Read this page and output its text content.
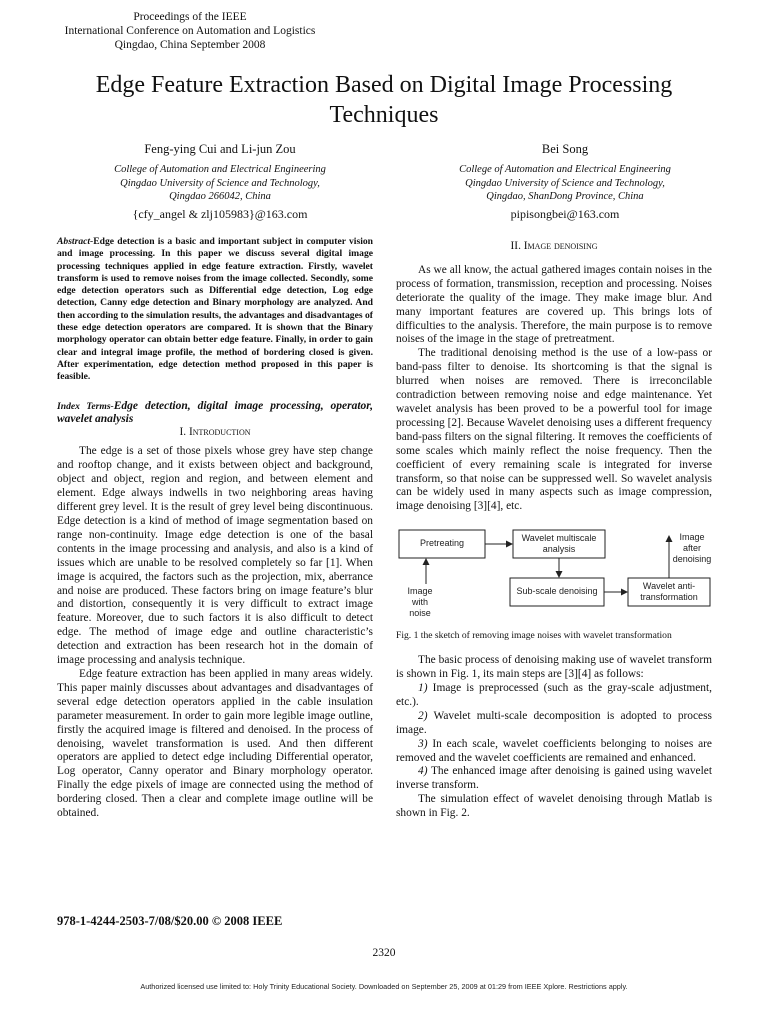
Proceedings of the IEEE
International Conference on Automation and Logistics
Qingdao, China September 2008
Edge Feature Extraction Based on Digital Image Processing Techniques
Feng-ying Cui and Li-jun Zou
College of Automation and Electrical Engineering
Qingdao University of Science and Technology,
Qingdao 266042, China
{cfy_angel & zlj105983}@163.com
Bei Song
College of Automation and Electrical Engineering
Qingdao University of Science and Technology,
Qingdao, ShanDong Province, China
pipisongbei@163.com

Abstract-Edge detection is a basic and important subject in computer vision and image processing. In this paper we discuss several digital image processing techniques applied in edge feature extraction. Firstly, wavelet transform is used to remove noises from the image collected. Secondly, some edge detection operators such as Differential edge detection, Log edge detection, Canny edge detection and Binary morphology are analyzed. And then according to the simulation results, the advantages and disadvantages of these edge detection operators are compared. It is shown that the Binary morphology operator can obtain better edge feature. Finally, in order to gain clear and integral image profile, the method of bordering closed is given. After experimentation, edge detection method proposed in this paper is feasible.

Index Terms-Edge detection, digital image processing, operator, wavelet analysis

I. Introduction

The edge is a set of those pixels whose grey have step change and rooftop change, and it exists between object and background, object and object, region and region, and between element and element. Edge always indwells in two neighboring areas having different grey level. It is the result of grey level being discontinuous. Edge detection is a kind of method of image segmentation based on range non-continuity. Image edge detection is one of the basal contents in the image processing and analysis, and also is a kind of issues which are unable to be resolved completely so far [1]. When image is acquired, the factors such as the projection, mix, aberrance and noise are produced. These factors bring on image feature’s blur and distortion, consequently it is very difficult to extract image feature. Moreover, due to such factors it is also difficult to detect edge. The method of image edge and outline characteristic’s detection and extraction has been research hot in the domain of image processing and analysis technique.

Edge feature extraction has been applied in many areas widely. This paper mainly discusses about advantages and disadvantages of several edge detection operators applied in the cable insulation parameter measurement. In order to gain more legible image outline, firstly the acquired image is filtered and denoised. In the process of denoising, wavelet transformation is used. And then different operators are applied to detect edge including Differential operator, Log operator, Canny operator and Binary morphology operator. Finally the edge pixels of image are connected using the method of bordering closed. Then a clear and complete image outline will be obtained.

II. Image denoising

As we all know, the actual gathered images contain noises in the process of formation, transmission, reception and processing. Noises deteriorate the quality of the image. They make image blur. And many important features are covered up. This brings lots of difficulties to the analysis. Therefore, the main purpose is to remove noises of the image in the stage of pretreatment.

The traditional denoising method is the use of a low-pass or band-pass filter to denoise. Its shortcoming is that the signal is blurred when noises are removed. There is irreconcilable contradiction between removing noise and edge maintenance. Yet wavelet analysis has been proved to be a powerful tool for image processing [2]. Because Wavelet denoising uses a different frequency band-pass filters on the signal filtering. It removes the coefficients of some scales which mainly reflect the noise frequency. Then the coefficient of every remaining scale is integrated for inverse transform, so that noise can be suppressed well. So wavelet analysis can be widely used in many aspects such as image compression, image denoising [3][4], etc.

Pretreating	Wavelet multiscale analysis
Sub-scale denoising	Wavelet anti-transformation
Image with noise
Image after denoising

Fig. 1 the sketch of removing image noises with wavelet transformation

The basic process of denoising making use of wavelet transform is shown in Fig. 1, its main steps are [3][4] as follows:

1) Image is preprocessed (such as the gray-scale adjustment, etc.).

2) Wavelet multi-scale decomposition is adopted to process image.

3) In each scale, wavelet coefficients belonging to noises are removed and the wavelet coefficients are remained and enhanced.

4) The enhanced image after denoising is gained using wavelet inverse transform.

The simulation effect of wavelet denoising through Matlab is shown in Fig. 2.

978-1-4244-2503-7/08/$20.00 © 2008 IEEE
2320
Authorized licensed use limited to: Holy Trinity Educational Society. Downloaded on September 25, 2009 at 01:29 from IEEE Xplore. Restrictions apply.
